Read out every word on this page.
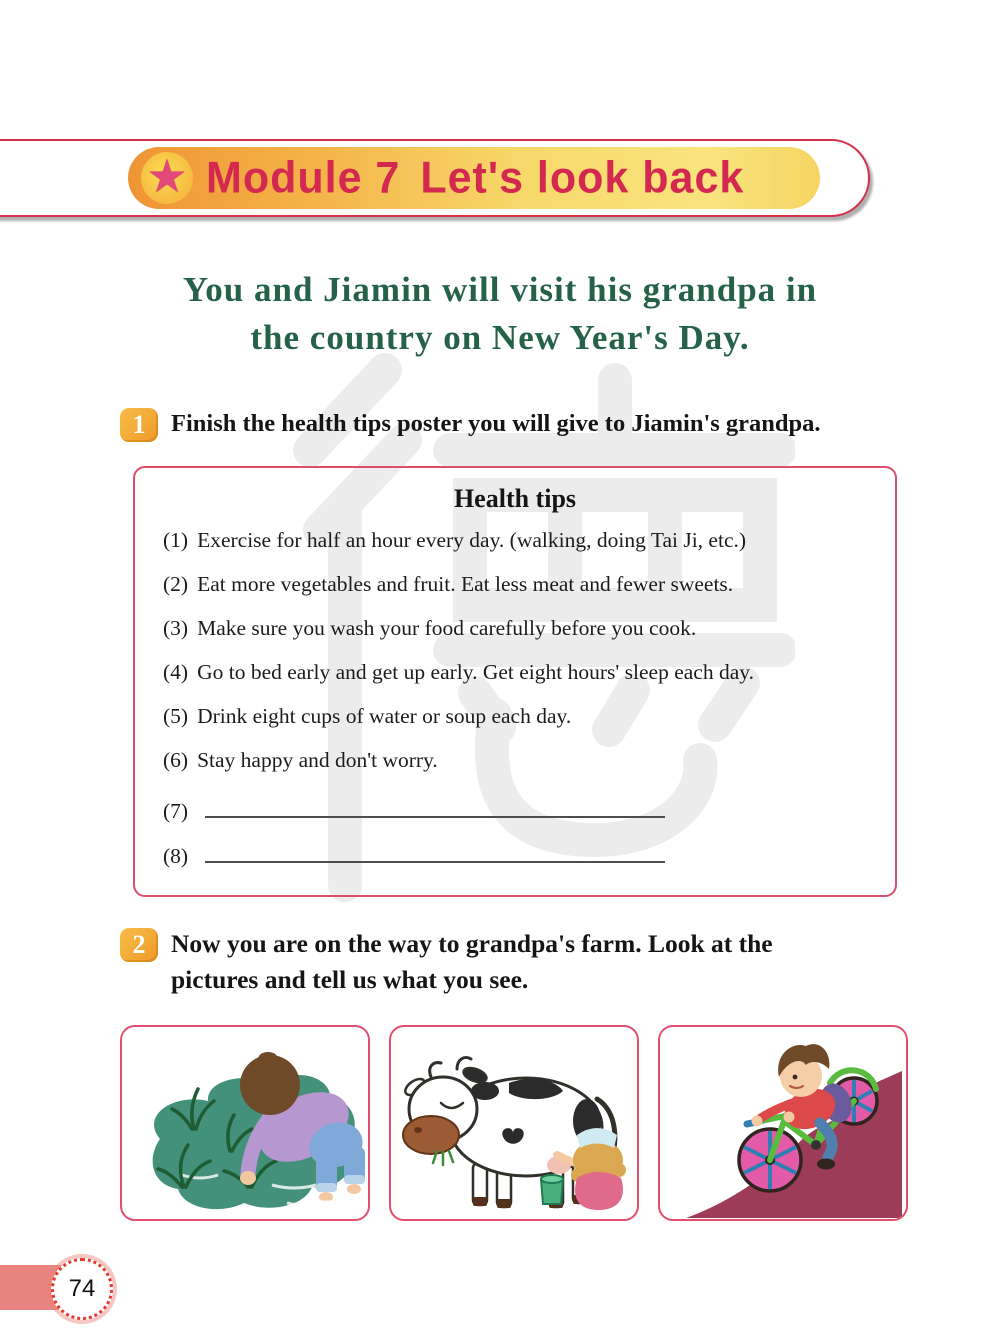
★ Module 7 Let's look back
You and Jiamin will visit his grandpa in
the country on New Year's Day.
1 Finish the health tips poster you will give to Jiamin's grandpa.
Health tips
(1) Exercise for half an hour every day. (walking, doing Tai Ji, etc.)
(2) Eat more vegetables and fruit. Eat less meat and fewer sweets.
(3) Make sure you wash your food carefully before you cook.
(4) Go to bed early and get up early. Get eight hours' sleep each day.
(5) Drink eight cups of water or soup each day.
(6) Stay happy and don't worry.
(7)
(8)
2 Now you are on the way to grandpa's farm. Look at the
pictures and tell us what you see.
74
